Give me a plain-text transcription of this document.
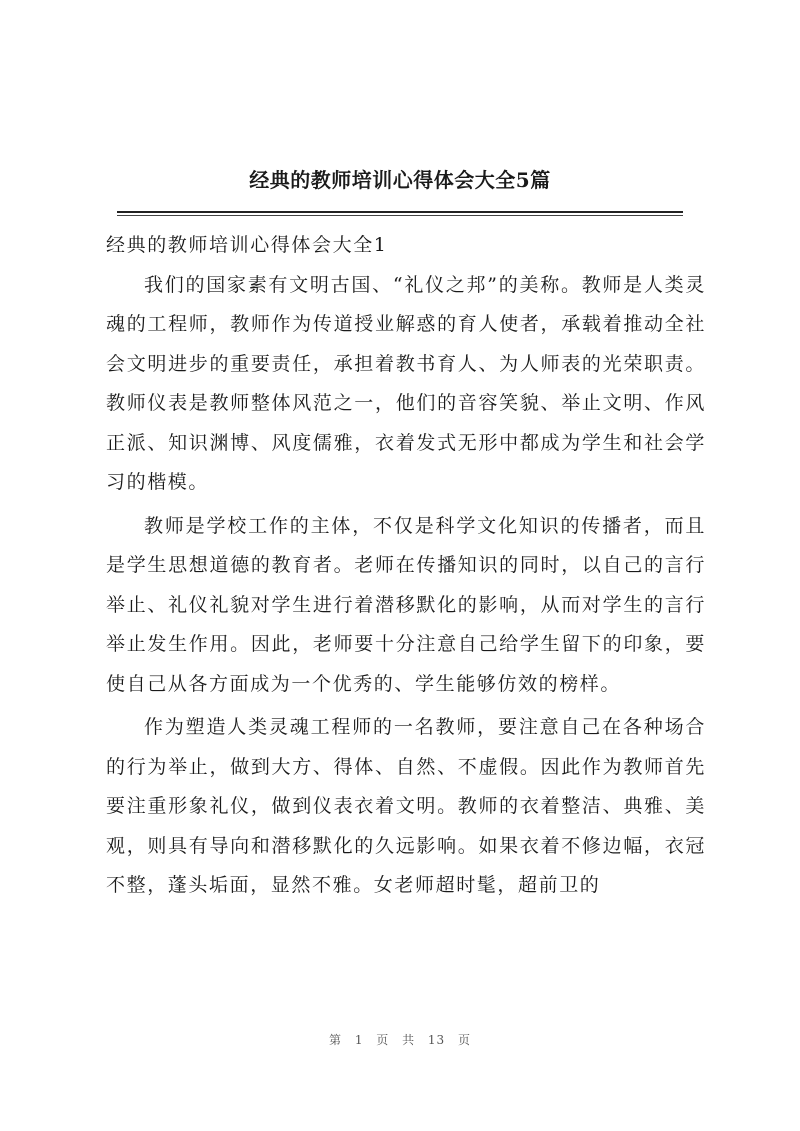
经典的教师培训心得体会大全5篇

经典的教师培训心得体会大全1

我们的国家素有文明古国、“礼仪之邦”的美称。教师是人类灵魂的工程师，教师作为传道授业解惑的育人使者，承载着推动全社会文明进步的重要责任，承担着教书育人、为人师表的光荣职责。教师仪表是教师整体风范之一，他们的音容笑貌、举止文明、作风正派、知识渊博、风度儒雅，衣着发式无形中都成为学生和社会学习的楷模。

教师是学校工作的主体，不仅是科学文化知识的传播者，而且是学生思想道德的教育者。老师在传播知识的同时，以自己的言行举止、礼仪礼貌对学生进行着潜移默化的影响，从而对学生的言行举止发生作用。因此，老师要十分注意自己给学生留下的印象，要使自己从各方面成为一个优秀的、学生能够仿效的榜样。

作为塑造人类灵魂工程师的一名教师，要注意自己在各种场合的行为举止，做到大方、得体、自然、不虚假。因此作为教师首先要注重形象礼仪，做到仪表衣着文明。教师的衣着整洁、典雅、美观，则具有导向和潜移默化的久远影响。如果衣着不修边幅，衣冠不整，蓬头垢面，显然不雅。女老师超时髦，超前卫的

第 1 页 共 13 页
